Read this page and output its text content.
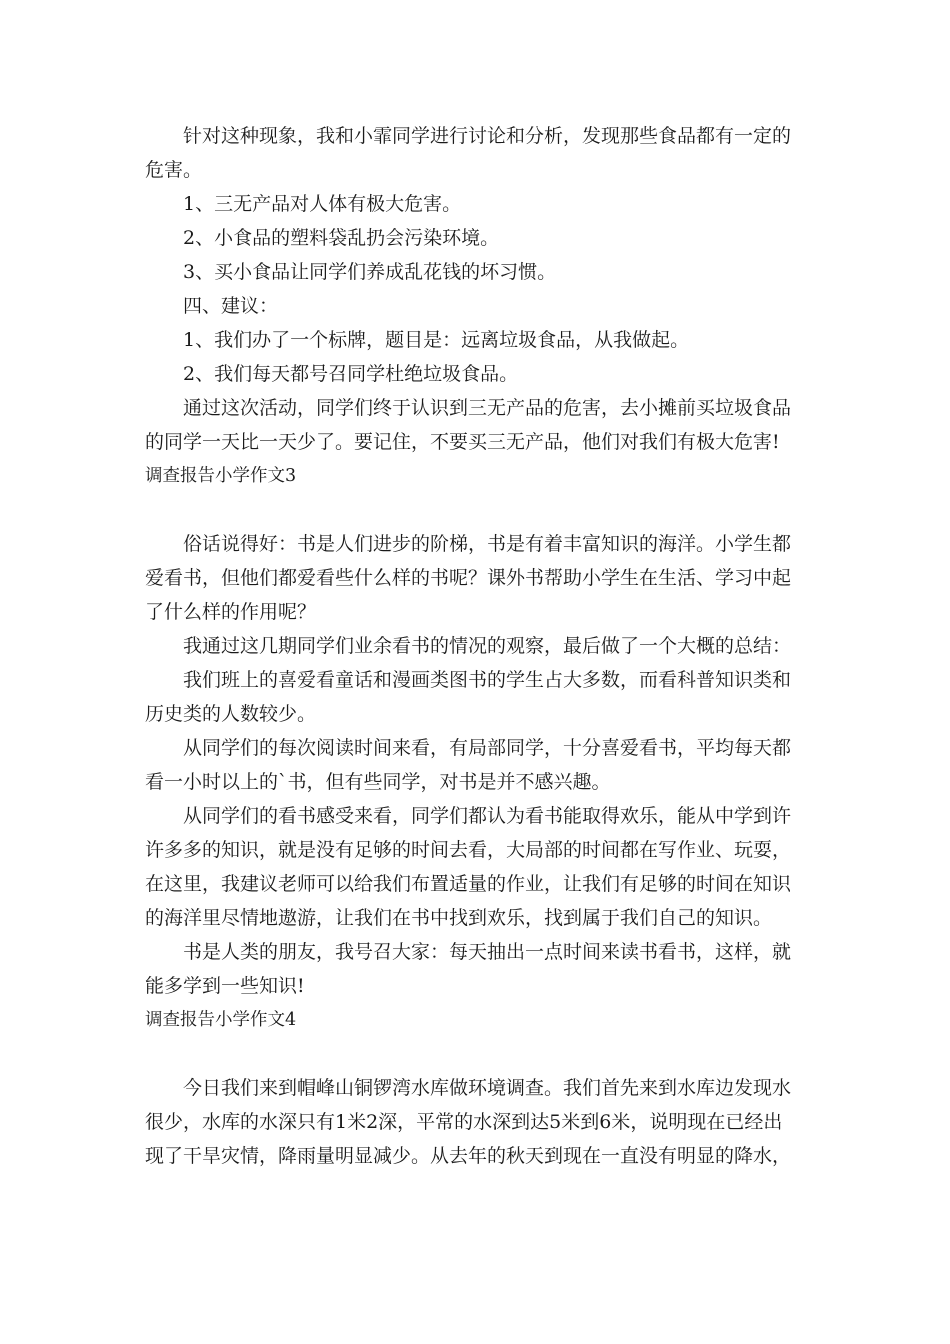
针对这种现象，我和小霏同学进行讨论和分析，发现那些食品都有一定的
危害。

1、三无产品对人体有极大危害。

2、小食品的塑料袋乱扔会污染环境。

3、买小食品让同学们养成乱花钱的坏习惯。

四、建议：

1、我们办了一个标牌，题目是：远离垃圾食品，从我做起。

2、我们每天都号召同学杜绝垃圾食品。

通过这次活动，同学们终于认识到三无产品的危害，去小摊前买垃圾食品
的同学一天比一天少了。要记住，不要买三无产品，他们对我们有极大危害!

调查报告小学作文3

俗话说得好：书是人们进步的阶梯，书是有着丰富知识的海洋。小学生都
爱看书，但他们都爱看些什么样的书呢？课外书帮助小学生在生活、学习中起
了什么样的作用呢？

我通过这几期同学们业余看书的情况的观察，最后做了一个大概的总结：

我们班上的喜爱看童话和漫画类图书的学生占大多数，而看科普知识类和
历史类的人数较少。

从同学们的每次阅读时间来看，有局部同学，十分喜爱看书，平均每天都
看一小时以上的`书，但有些同学，对书是并不感兴趣。

从同学们的看书感受来看，同学们都认为看书能取得欢乐，能从中学到许
许多多的知识，就是没有足够的时间去看，大局部的时间都在写作业、玩耍，
在这里，我建议老师可以给我们布置适量的作业，让我们有足够的时间在知识
的海洋里尽情地遨游，让我们在书中找到欢乐，找到属于我们自己的知识。

书是人类的朋友，我号召大家：每天抽出一点时间来读书看书，这样，就
能多学到一些知识!

调查报告小学作文4

今日我们来到帽峰山铜锣湾水库做环境调查。我们首先来到水库边发现水
很少，水库的水深只有1米2深，平常的水深到达5米到6米，说明现在已经出
现了干旱灾情，降雨量明显减少。从去年的秋天到现在一直没有明显的降水，
